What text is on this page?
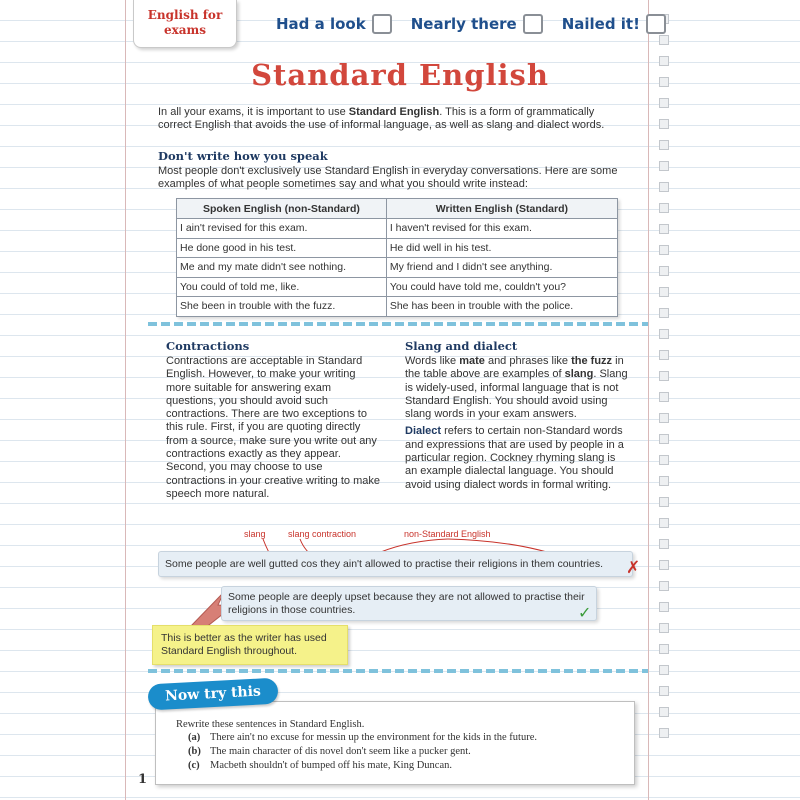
English for
exams	Had a look	Nearly there	Nailed it!
Standard English

In all your exams, it is important to use Standard English. This is a form of grammatically correct English that avoids the use of informal language, as well as slang and dialect words.

Don't write how you speak

Most people don't exclusively use Standard English in everyday conversations. Here are some examples of what people sometimes say and what you should write instead:

Spoken English (non-Standard)	Written English (Standard)
I ain't revised for this exam.	I haven't revised for this exam.
He done good in his test.	He did well in his test.
Me and my mate didn't see nothing.	My friend and I didn't see anything.
You could of told me, like.	You could have told me, couldn't you?
She been in trouble with the fuzz.	She has been in trouble with the police.
Contractions

Contractions are acceptable in Standard English. However, to make your writing more suitable for answering exam questions, you should avoid such contractions. There are two exceptions to this rule. First, if you are quoting directly from a source, make sure you write out any contractions exactly as they appear. Second, you may choose to use contractions in your creative writing to make speech more natural.

Slang and dialect

Words like mate and phrases like the fuzz in the table above are examples of slang. Slang is widely-used, informal language that is not Standard English. You should avoid using slang words in your exam answers.

Dialect refers to certain non-Standard words and expressions that are used by people in a particular region. Cockney rhyming slang is an example dialectal language. You should avoid using dialect words in formal writing.

slang slang contraction	non-Standard English
Some people are well gutted cos they ain't allowed to practise their religions in them countries.	✗
Some people are deeply upset because they are not allowed to practise their religions in those countries.	✓
This is better as the writer has used Standard English throughout.
Rewrite these sentences in Standard English.
(a) There ain't no excuse for messin up the environment for the kids in the future.
(b) The main character of dis novel don't seem like a pucker gent.
(c) Macbeth shouldn't of bumped off his mate, King Duncan.
Now try this
1
